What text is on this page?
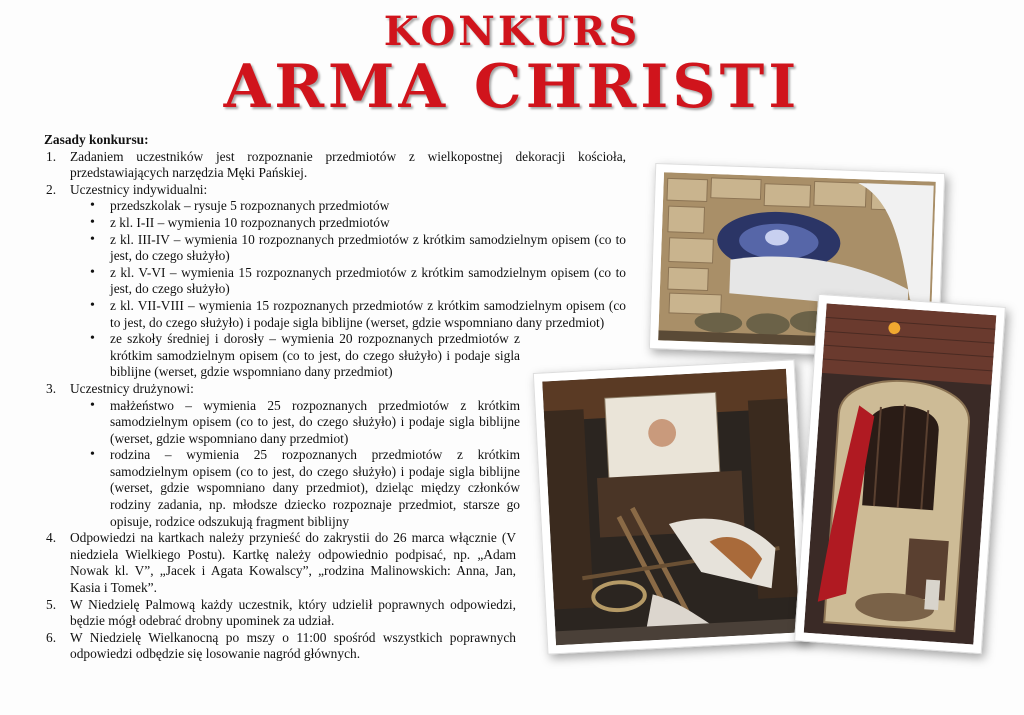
KONKURS
ARMA CHRISTI
Zasady konkursu:
1. Zadaniem uczestników jest rozpoznanie przedmiotów z wielkopostnej dekoracji kościoła, przedstawiających narzędzia Męki Pańskiej.
2. Uczestnicy indywidualni:
• przedszkolak – rysuje 5 rozpoznanych przedmiotów
• z kl. I-II – wymienia 10 rozpoznanych przedmiotów
• z kl. III-IV – wymienia 10 rozpoznanych przedmiotów z krótkim samodzielnym opisem (co to jest, do czego służyło)
• z kl. V-VI – wymienia 15 rozpoznanych przedmiotów z krótkim samodzielnym opisem (co to jest, do czego służyło)
• z kl. VII-VIII – wymienia 15 rozpoznanych przedmiotów z krótkim samodzielnym opisem (co to jest, do czego służyło) i podaje sigla biblijne (werset, gdzie wspomniano dany przedmiot)
• ze szkoły średniej i dorosły – wymienia 20 rozpoznanych przedmiotów z krótkim samodzielnym opisem (co to jest, do czego służyło) i podaje sigla biblijne (werset, gdzie wspomniano dany przedmiot)
3. Uczestnicy drużynowi:
• małżeństwo – wymienia 25 rozpoznanych przedmiotów z krótkim samodzielnym opisem (co to jest, do czego służyło) i podaje sigla biblijne (werset, gdzie wspomniano dany przedmiot)
• rodzina – wymienia 25 rozpoznanych przedmiotów z krótkim samodzielnym opisem (co to jest, do czego służyło) i podaje sigla biblijne (werset, gdzie wspomniano dany przedmiot), dzieląc między członków rodziny zadania, np. młodsze dziecko rozpoznaje przedmiot, starsze go opisuje, rodzice odszukują fragment biblijny
4. Odpowiedzi na kartkach należy przynieść do zakrystii do 26 marca włącznie (V niedziela Wielkiego Postu). Kartkę należy odpowiednio podpisać, np. „Adam Nowak kl. V”, „Jacek i Agata Kowalscy”, „rodzina Malinowskich: Anna, Jan, Kasia i Tomek”.
5. W Niedzielę Palmową każdy uczestnik, który udzielił poprawnych odpowiedzi, będzie mógł odebrać drobny upominek za udział.
6. W Niedzielę Wielkanocną po mszy o 11:00 spośród wszystkich poprawnych odpowiedzi odbędzie się losowanie nagród głównych.
